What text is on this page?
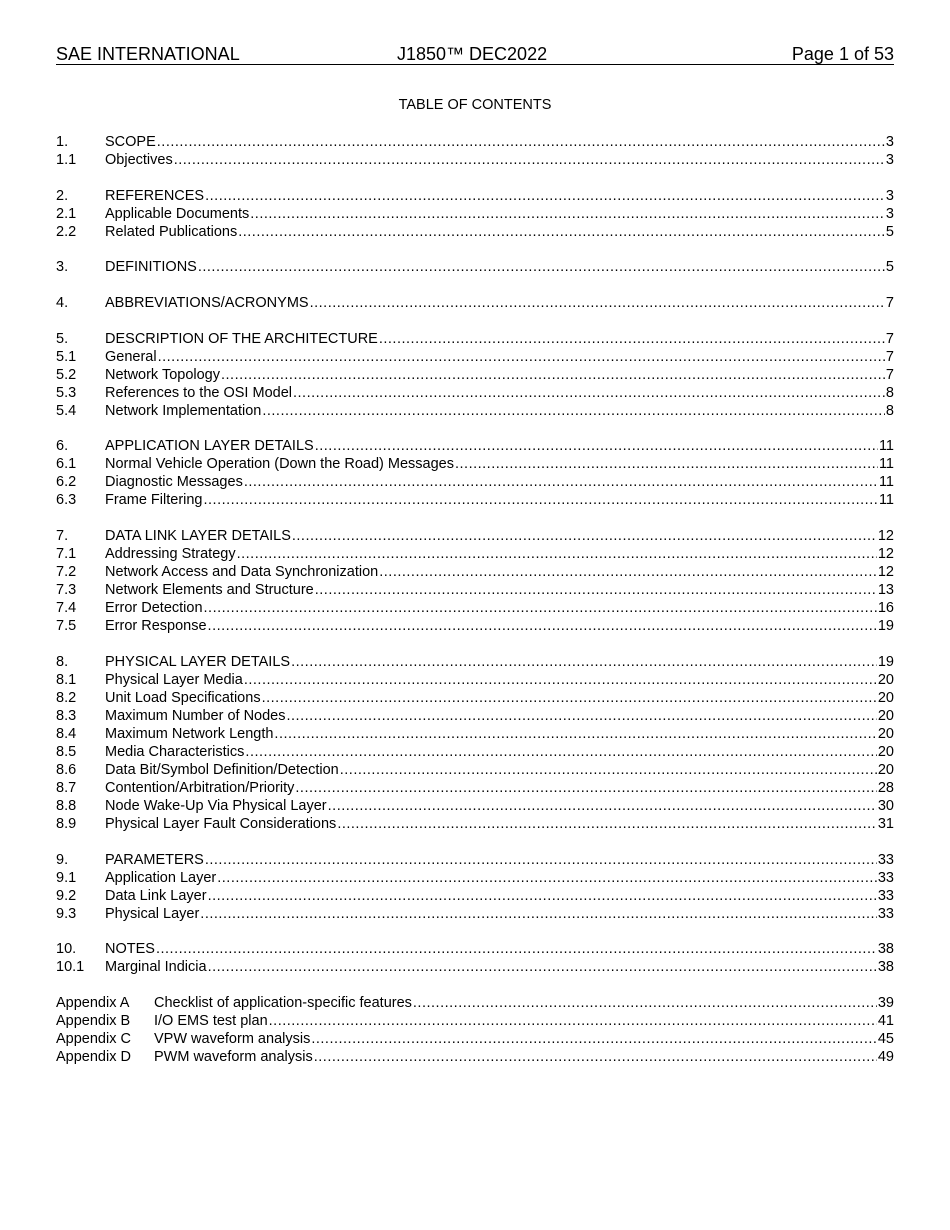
SAE INTERNATIONAL	J1850™ DEC2022	Page 1 of 53
TABLE OF CONTENTS
1.	SCOPE .....	3
1.1	Objectives .....	3
2.	REFERENCES .....	3
2.1	Applicable Documents .....	3
2.2	Related Publications .....	5
3.	DEFINITIONS .....	5
4.	ABBREVIATIONS/ACRONYMS .....	7
5.	DESCRIPTION OF THE ARCHITECTURE .....	7
5.1	General .....	7
5.2	Network Topology .....	7
5.3	References to the OSI Model .....	8
5.4	Network Implementation .....	8
6.	APPLICATION LAYER DETAILS .....	11
6.1	Normal Vehicle Operation (Down the Road) Messages .....	11
6.2	Diagnostic Messages .....	11
6.3	Frame Filtering .....	11
7.	DATA LINK LAYER DETAILS .....	12
7.1	Addressing Strategy .....	12
7.2	Network Access and Data Synchronization .....	12
7.3	Network Elements and Structure .....	13
7.4	Error Detection .....	16
7.5	Error Response .....	19
8.	PHYSICAL LAYER DETAILS .....	19
8.1	Physical Layer Media .....	20
8.2	Unit Load Specifications .....	20
8.3	Maximum Number of Nodes .....	20
8.4	Maximum Network Length .....	20
8.5	Media Characteristics .....	20
8.6	Data Bit/Symbol Definition/Detection .....	20
8.7	Contention/Arbitration/Priority .....	28
8.8	Node Wake-Up Via Physical Layer .....	30
8.9	Physical Layer Fault Considerations .....	31
9.	PARAMETERS .....	33
9.1	Application Layer .....	33
9.2	Data Link Layer .....	33
9.3	Physical Layer .....	33
10.	NOTES .....	38
10.1	Marginal Indicia .....	38
Appendix A	Checklist of application-specific features .....	39
Appendix B	I/O EMS test plan .....	41
Appendix C	VPW waveform analysis .....	45
Appendix D	PWM waveform analysis .....	49
